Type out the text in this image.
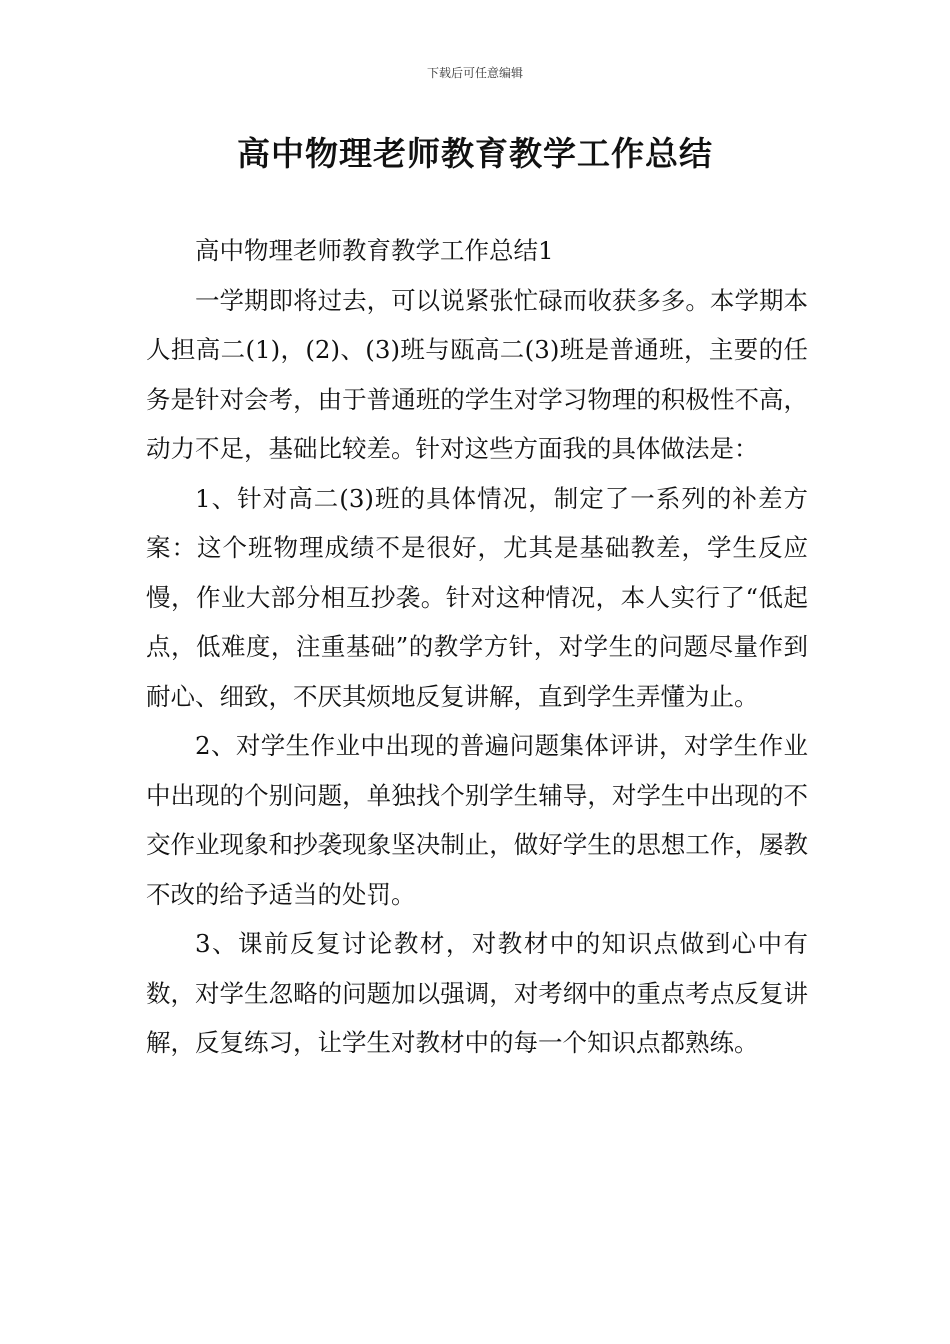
下载后可任意编辑
高中物理老师教育教学工作总结

高中物理老师教育教学工作总结1

一学期即将过去，可以说紧张忙碌而收获多多。本学期本人担高二(1)，(2)、(3)班与瓯高二(3)班是普通班，主要的任务是针对会考，由于普通班的学生对学习物理的积极性不高，动力不足，基础比较差。针对这些方面我的具体做法是：

1、针对高二(3)班的具体情况，制定了一系列的补差方案：这个班物理成绩不是很好，尤其是基础教差，学生反应慢，作业大部分相互抄袭。针对这种情况，本人实行了“低起点，低难度，注重基础”的教学方针，对学生的问题尽量作到耐心、细致，不厌其烦地反复讲解，直到学生弄懂为止。

2、对学生作业中出现的普遍问题集体评讲，对学生作业中出现的个别问题，单独找个别学生辅导，对学生中出现的不交作业现象和抄袭现象坚决制止，做好学生的思想工作，屡教不改的给予适当的处罚。

3、课前反复讨论教材，对教材中的知识点做到心中有数，对学生忽略的问题加以强调，对考纲中的重点考点反复讲解，反复练习，让学生对教材中的每一个知识点都熟练。
